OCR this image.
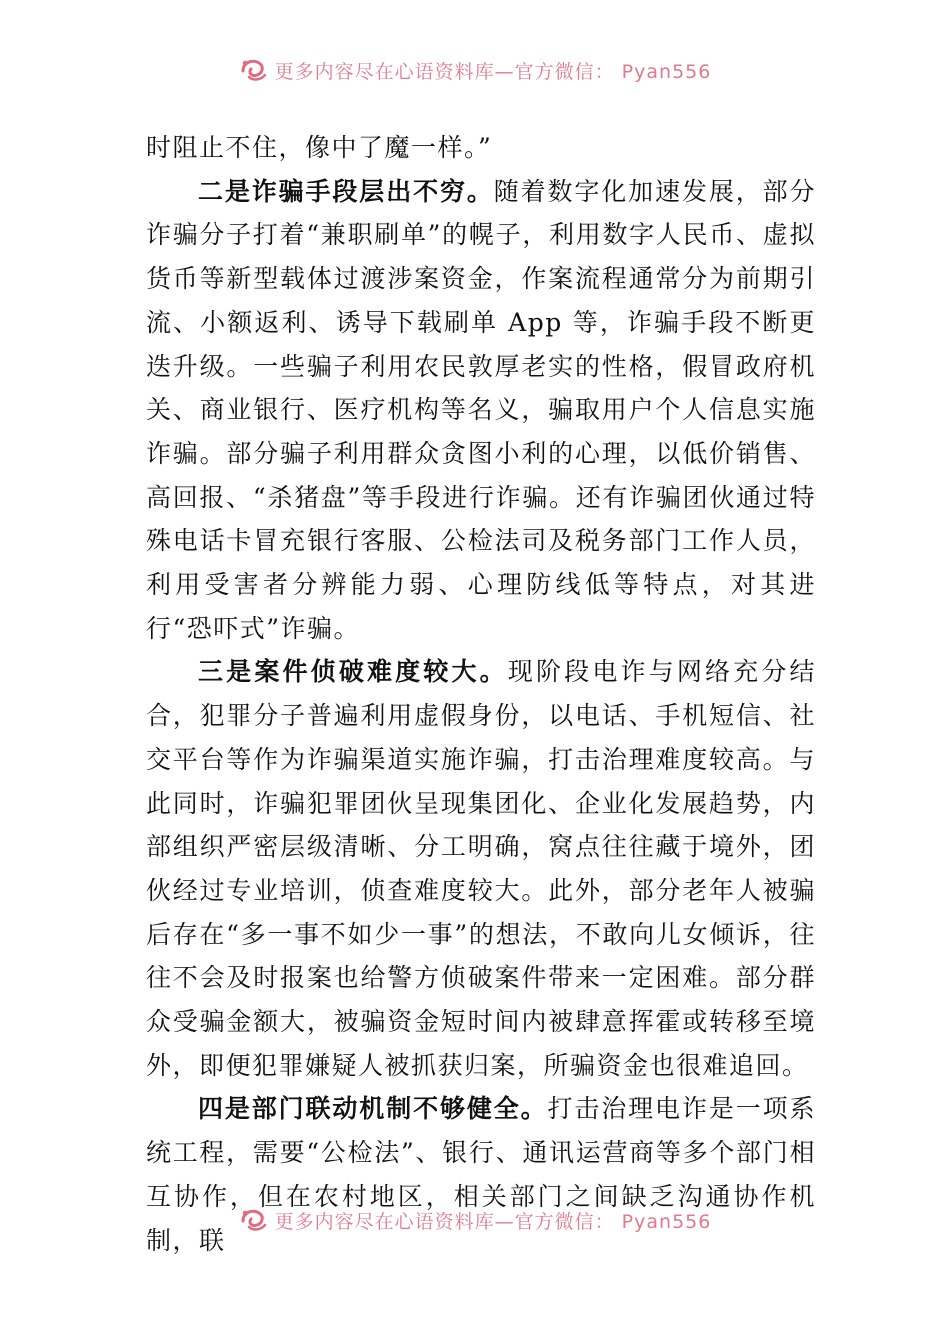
更多内容尽在心语资料库—官方微信： Pyan556

时阻止不住，像中了魔一样。”

二是诈骗手段层出不穷。随着数字化加速发展，部分诈骗分子打着“兼职刷单”的幌子，利用数字人民币、虚拟货币等新型载体过渡涉案资金，作案流程通常分为前期引流、小额返利、诱导下载刷单 App 等，诈骗手段不断更迭升级。一些骗子利用农民敦厚老实的性格，假冒政府机关、商业银行、医疗机构等名义，骗取用户个人信息实施诈骗。部分骗子利用群众贪图小利的心理，以低价销售、高回报、“杀猪盘”等手段进行诈骗。还有诈骗团伙通过特殊电话卡冒充银行客服、公检法司及税务部门工作人员，利用受害者分辨能力弱、心理防线低等特点，对其进行“恐吓式”诈骗。

三是案件侦破难度较大。现阶段电诈与网络充分结合，犯罪分子普遍利用虚假身份，以电话、手机短信、社交平台等作为诈骗渠道实施诈骗，打击治理难度较高。与此同时，诈骗犯罪团伙呈现集团化、企业化发展趋势，内部组织严密层级清晰、分工明确，窝点往往藏于境外，团伙经过专业培训，侦查难度较大。此外，部分老年人被骗后存在“多一事不如少一事”的想法，不敢向儿女倾诉，往往不会及时报案也给警方侦破案件带来一定困难。部分群众受骗金额大，被骗资金短时间内被肆意挥霍或转移至境外，即便犯罪嫌疑人被抓获归案，所骗资金也很难追回。

四是部门联动机制不够健全。打击治理电诈是一项系统工程，需要“公检法”、银行、通讯运营商等多个部门相互协作，但在农村地区，相关部门之间缺乏沟通协作机制，联

更多内容尽在心语资料库—官方微信： Pyan556
